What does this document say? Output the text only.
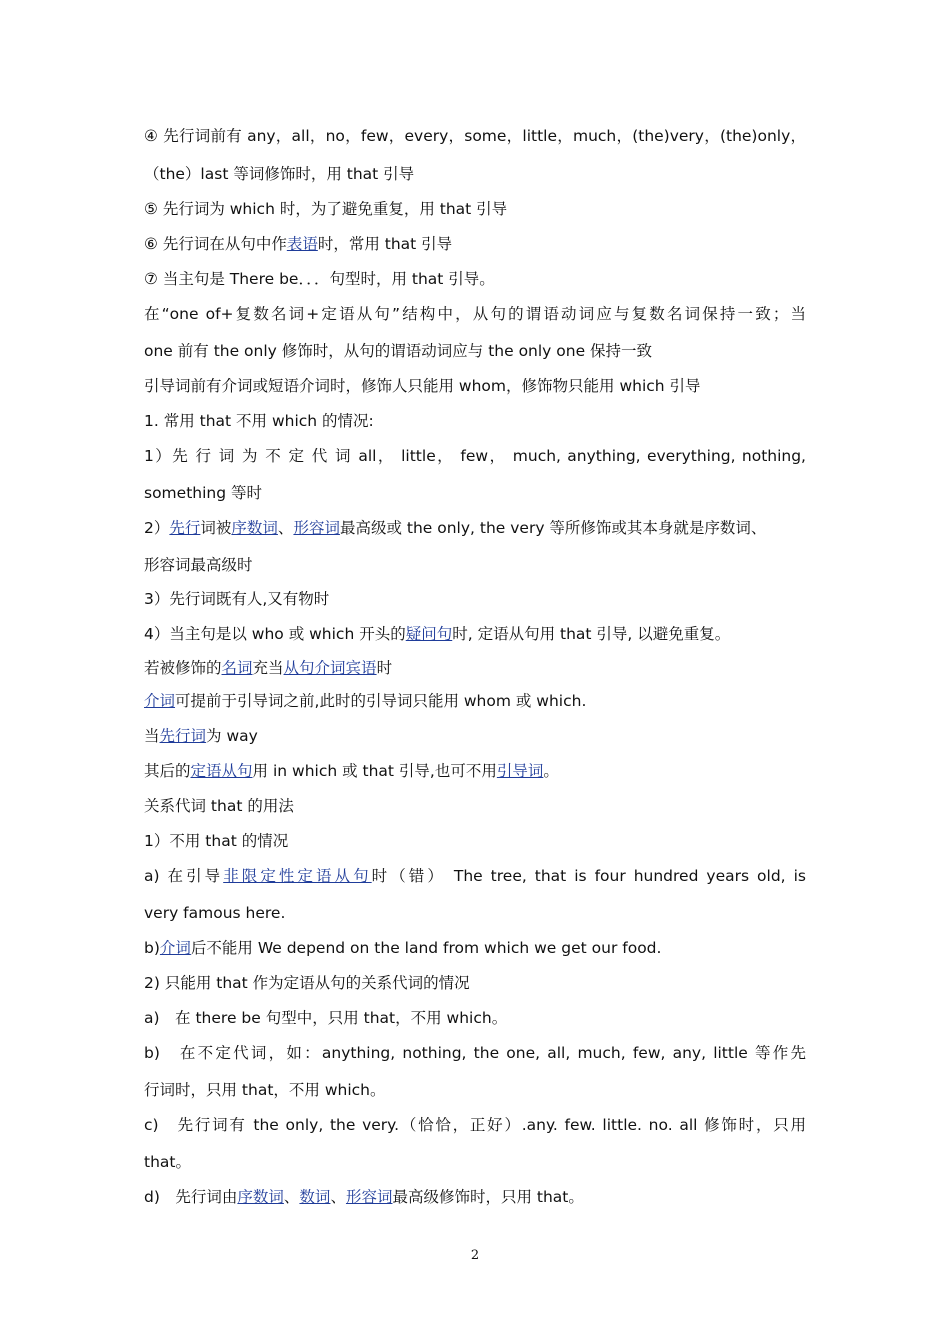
④ 先行词前有 any，all，no，few，every，some，little，much，(the)very，(the)only，
（the）last 等词修饰时，用 that 引导
⑤ 先行词为 which 时，为了避免重复，用 that 引导
⑥ 先行词在从句中作表语时，常用 that 引导
⑦ 当主句是 There be．．．句型时，用 that 引导。
在“one of+复数名词+定语从句”结构中，从句的谓语动词应与复数名词保持一致；当
one 前有 the only 修饰时，从句的谓语动词应与 the only one 保持一致
引导词前有介词或短语介词时，修饰人只能用 whom，修饰物只能用 which 引导
1. 常用 that 不用 which 的情况:
1）先 行 词 为 不 定 代 词 all， little， few， much, anything, everything, nothing,
something 等时
2）先行词被序数词、形容词最高级或 the only, the very 等所修饰或其本身就是序数词、
形容词最高级时
3）先行词既有人,又有物时
4）当主句是以 who 或 which 开头的疑问句时, 定语从句用 that 引导, 以避免重复。
若被修饰的名词充当从句介词宾语时
介词可提前于引导词之前,此时的引导词只能用 whom 或 which.
当先行词为 way
其后的定语从句用 in which 或 that 引导,也可不用引导词。
关系代词 that 的用法
1）不用 that 的情况
a) 在引导非限定性定语从句时（错） The tree, that is four hundred years old, is
very famous here.
b)介词后不能用 We depend on the land from which we get our food.
2) 只能用 that 作为定语从句的关系代词的情况
a)　在 there be 句型中，只用 that，不用 which。
b)　在不定代词，如：anything, nothing, the one, all, much, few, any, little 等作先
行词时，只用 that，不用 which。
c)　先行词有 the only, the very.（恰恰，正好）.any. few. little. no. all 修饰时，只用
that。
d)　先行词由序数词、数词、形容词最高级修饰时，只用 that。
2
